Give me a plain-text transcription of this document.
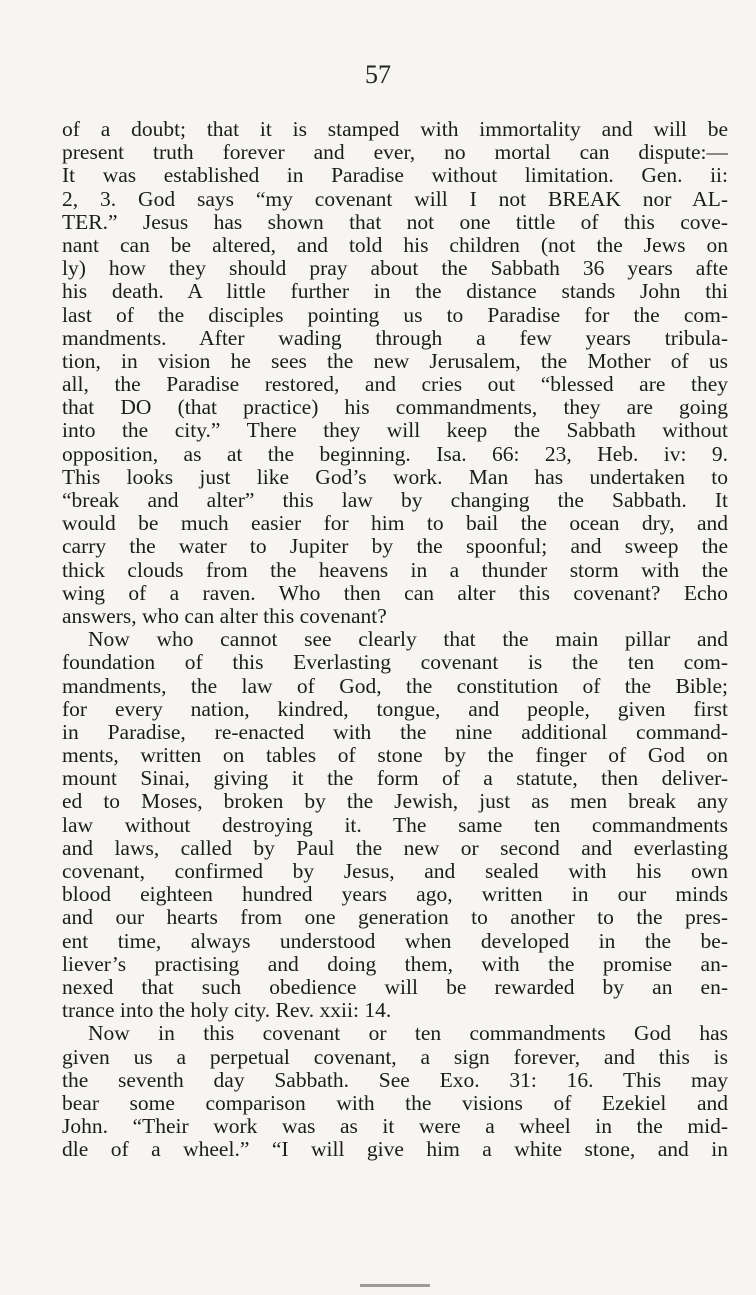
57
of a doubt; that it is stamped with immortality and will be
present truth forever and ever, no mortal can dispute:—
It was established in Paradise without limitation. Gen. ii:
2, 3. God says “my covenant will I not BREAK nor AL-
TER.” Jesus has shown that not one tittle of this cove-
nant can be altered, and told his children (not the Jews on
ly) how they should pray about the Sabbath 36 years afte
his death. A little further in the distance stands John thi
last of the disciples pointing us to Paradise for the com-
mandments. After wading through a few years tribula-
tion, in vision he sees the new Jerusalem, the Mother of us
all, the Paradise restored, and cries out “blessed are they
that DO (that practice) his commandments, they are going
into the city.” There they will keep the Sabbath without
opposition, as at the beginning. Isa. 66: 23, Heb. iv: 9.
This looks just like God’s work. Man has undertaken to
“break and alter” this law by changing the Sabbath. It
would be much easier for him to bail the ocean dry, and
carry the water to Jupiter by the spoonful; and sweep the
thick clouds from the heavens in a thunder storm with the
wing of a raven. Who then can alter this covenant? Echo
answers, who can alter this covenant?
Now who cannot see clearly that the main pillar and
foundation of this Everlasting covenant is the ten com-
mandments, the law of God, the constitution of the Bible;
for every nation, kindred, tongue, and people, given first
in Paradise, re-enacted with the nine additional command-
ments, written on tables of stone by the finger of God on
mount Sinai, giving it the form of a statute, then deliver-
ed to Moses, broken by the Jewish, just as men break any
law without destroying it. The same ten commandments
and laws, called by Paul the new or second and everlasting
covenant, confirmed by Jesus, and sealed with his own
blood eighteen hundred years ago, written in our minds
and our hearts from one generation to another to the pres-
ent time, always understood when developed in the be-
liever’s practising and doing them, with the promise an-
nexed that such obedience will be rewarded by an en-
trance into the holy city. Rev. xxii: 14.
Now in this covenant or ten commandments God has
given us a perpetual covenant, a sign forever, and this is
the seventh day Sabbath. See Exo. 31: 16. This may
bear some comparison with the visions of Ezekiel and
John. “Their work was as it were a wheel in the mid-
dle of a wheel.” “I will give him a white stone, and in
